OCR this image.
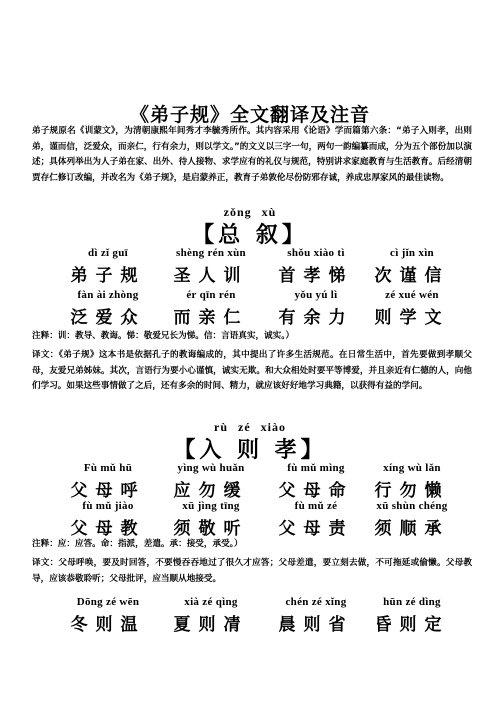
《弟子规》全文翻译及注音
弟子规原名《训蒙文》，为清朝康熙年间秀才李毓秀所作。其内容采用《论语》学而篇第六条：“弟子入则孝，出则弟，谨而信，泛爱众，而亲仁，行有余力，则以学文。”的文义以三字一句，两句一韵编纂而成，分为五个部份加以演述；具体列举出为人子弟在家、出外、待人接物、求学应有的礼仪与规范，特别讲求家庭教育与生活教育。后经清朝贾存仁修订改编，并改名为《弟子规》，是启蒙养正，教育子弟敦伦尽份防邪存诚，养成忠厚家风的最佳读物。
zǒng xù
【总 叙】
dì zǐ guī
弟子规
shèng rén xùn
圣人训
shǒu xiào tì
首孝悌
cì jǐn xìn
次谨信
fàn ài zhòng
泛爱众
ér qīn rén
而亲仁
yǒu yú lì
有余力
zé xué wén
则学文
注释：训：教导、教诲。悌：敬爱兄长为悌。信：言语真实，诚实。）
译文：《弟子规》这本书是依据孔子的教诲编成的，其中提出了许多生活规范。在日常生活中，首先要做到孝顺父母，友爱兄弟姊妹。其次，言语行为要小心谨慎，诚实无欺。和大众相处时要平等博爱，并且亲近有仁德的人，向他们学习。如果这些事情做了之后，还有多余的时间、精力，就应该好好地学习典籍，以获得有益的学问。
rù zé xiào
【入 则 孝】
Fù mǔ hū
父母呼
yìng wù huǎn
应勿缓
fù mǔ mìng
父母命
xíng wù lǎn
行勿懒
fù mǔ jiào
父母教
xū jìng tīng
须敬听
fù mǔ zé
父母责
xū shùn chéng
须顺承
注释：应：应答。命：指派，差遣。承：接受，承受。）
译文：父母呼唤，要及时回答，不要慢吞吞地过了很久才应答；父母差遣，要立刻去做，不可拖延或偷懒。父母教导，应该恭敬聆听；父母批评，应当顺从地接受。
Dōng zé wēn
冬则温
xià zé qìng
夏则凊
chén zé xǐng
晨则省
hūn zé dìng
昏则定
